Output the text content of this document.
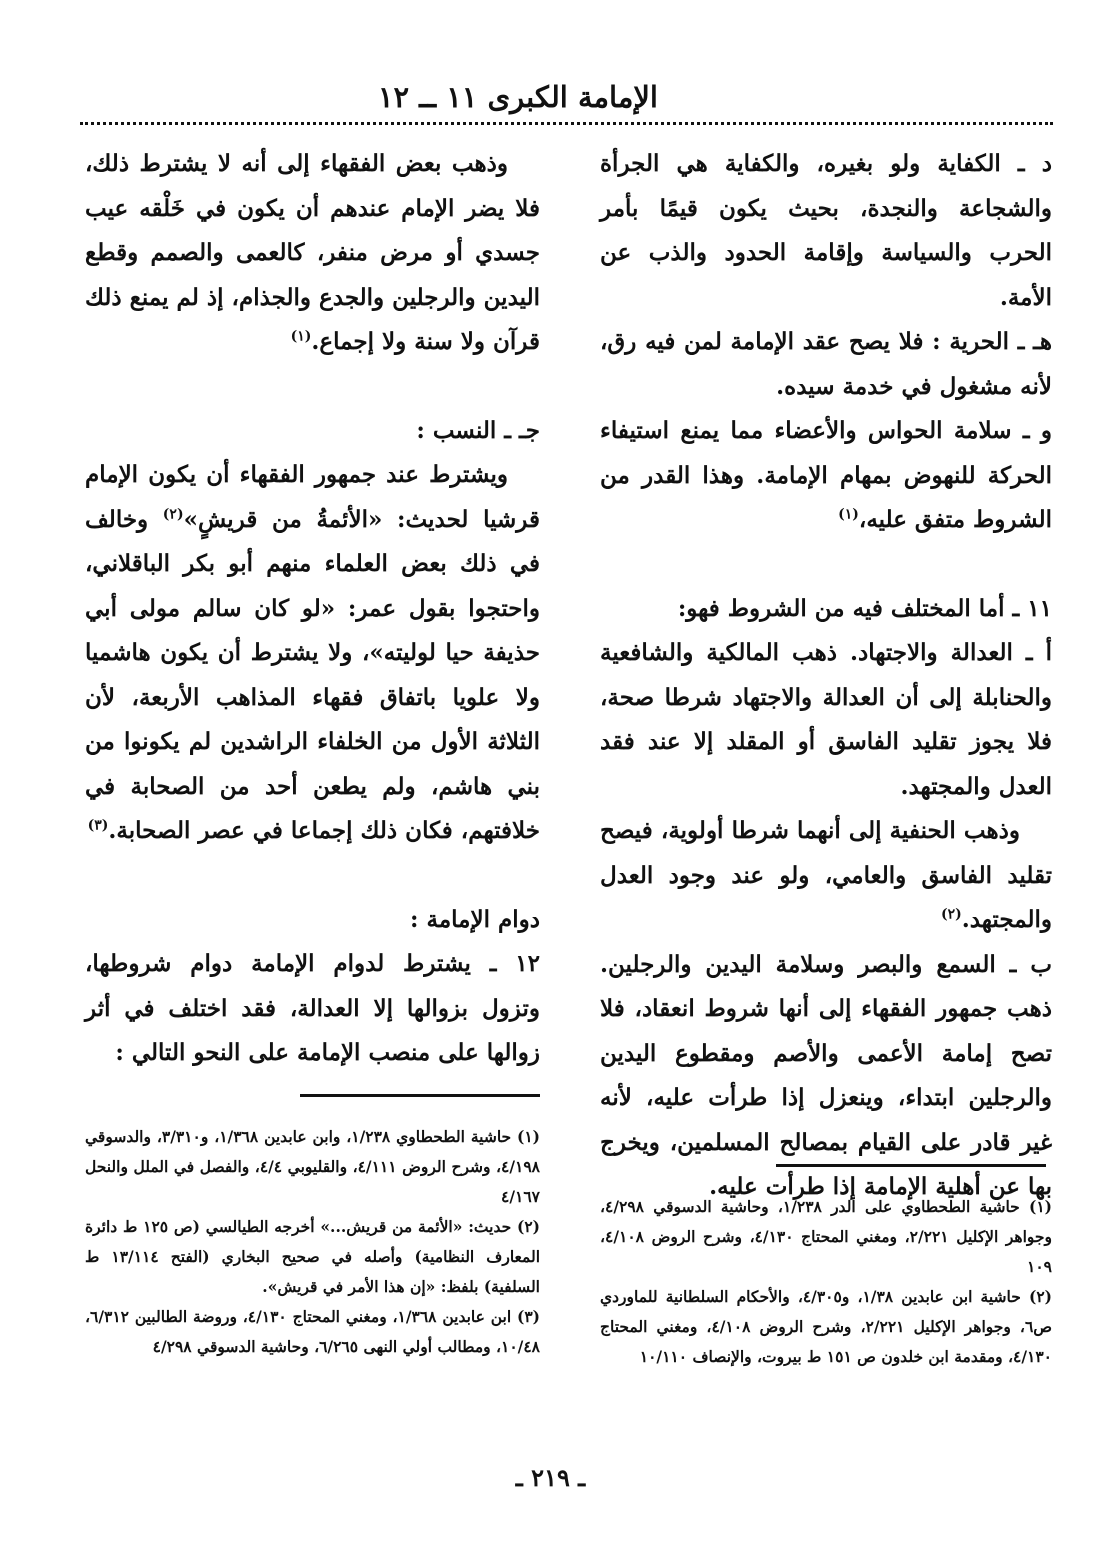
الإمامة الكبرى ١١ ــ ١٢

د ـ الكفاية ولو بغيره، والكفاية هي الجرأة والشجاعة والنجدة، بحيث يكون قيمًا بأمر الحرب والسياسة وإقامة الحدود والذب عن الأمة.

هـ ـ الحرية : فلا يصح عقد الإمامة لمن فيه رق، لأنه مشغول في خدمة سيده.

و ـ سلامة الحواس والأعضاء مما يمنع استيفاء الحركة للنهوض بمهام الإمامة. وهذا القدر من الشروط متفق عليه،$^{(١)}$

١١ ـ أما المختلف فيه من الشروط فهو:

أ ـ العدالة والاجتهاد. ذهب المالكية والشافعية والحنابلة إلى أن العدالة والاجتهاد شرطا صحة، فلا يجوز تقليد الفاسق أو المقلد إلا عند فقد العدل والمجتهد.

وذهب الحنفية إلى أنهما شرطا أولوية، فيصح تقليد الفاسق والعامي، ولو عند وجود العدل والمجتهد.$^{(٢)}$

ب ـ السمع والبصر وسلامة اليدين والرجلين. ذهب جمهور الفقهاء إلى أنها شروط انعقاد، فلا تصح إمامة الأعمى والأصم ومقطوع اليدين والرجلين ابتداء، وينعزل إذا طرأت عليه، لأنه غير قادر على القيام بمصالح المسلمين، ويخرج بها عن أهلية الإمامة إذا طرأت عليه.

وذهب بعض الفقهاء إلى أنه لا يشترط ذلك، فلا يضر الإمام عندهم أن يكون في خَلْقه عيب جسدي أو مرض منفر، كالعمى والصمم وقطع اليدين والرجلين والجدع والجذام، إذ لم يمنع ذلك قرآن ولا سنة ولا إجماع.$^{(١)}$

جـ ـ النسب :

ويشترط عند جمهور الفقهاء أن يكون الإمام قرشيا لحديث: «الأئمةُ من قريشٍ»$^{(٢)}$ وخالف في ذلك بعض العلماء منهم أبو بكر الباقلاني، واحتجوا بقول عمر: «لو كان سالم مولى أبي حذيفة حيا لوليته»، ولا يشترط أن يكون هاشميا ولا علويا باتفاق فقهاء المذاهب الأربعة، لأن الثلاثة الأول من الخلفاء الراشدين لم يكونوا من بني هاشم، ولم يطعن أحد من الصحابة في خلافتهم، فكان ذلك إجماعا في عصر الصحابة.$^{(٣)}$

دوام الإمامة :

١٢ ـ يشترط لدوام الإمامة دوام شروطها، وتزول بزوالها إلا العدالة، فقد اختلف في أثر زوالها على منصب الإمامة على النحو التالي :

(١) حاشية الطحطاوي على الدر ١/٢٣٨، وحاشية الدسوقي ٤/٢٩٨، وجواهر الإكليل ٢/٢٢١، ومغني المحتاج ٤/١٣٠، وشرح الروض ٤/١٠٨، ١٠٩

(٢) حاشية ابن عابدين ١/٣٨، و٤/٣٠٥، والأحكام السلطانية للماوردي ص٦، وجواهر الإكليل ٢/٢٢١، وشرح الروض ٤/١٠٨، ومغني المحتاج ٤/١٣٠، ومقدمة ابن خلدون ص ١٥١ ط بيروت، والإنصاف ١٠/١١٠

(١) حاشية الطحطاوي ١/٢٣٨، وابن عابدين ١/٣٦٨، و٣/٣١٠، والدسوقي ٤/١٩٨، وشرح الروض ٤/١١١، والقليوبي ٤/٤، والفصل في الملل والنحل ٤/١٦٧

(٢) حديث: «الأئمة من قريش...» أخرجه الطيالسي (ص ١٢٥ ط دائرة المعارف النظامية) وأصله في صحيح البخاري (الفتح ١٣/١١٤ ط السلفية) بلفظ: «إن هذا الأمر في قريش».

(٣) ابن عابدين ١/٣٦٨، ومغني المحتاج ٤/١٣٠، وروضة الطالبين ٦/٣١٢، ١٠/٤٨، ومطالب أولي النهى ٦/٢٦٥، وحاشية الدسوقي ٤/٢٩٨

ـ ٢١٩ ـ
